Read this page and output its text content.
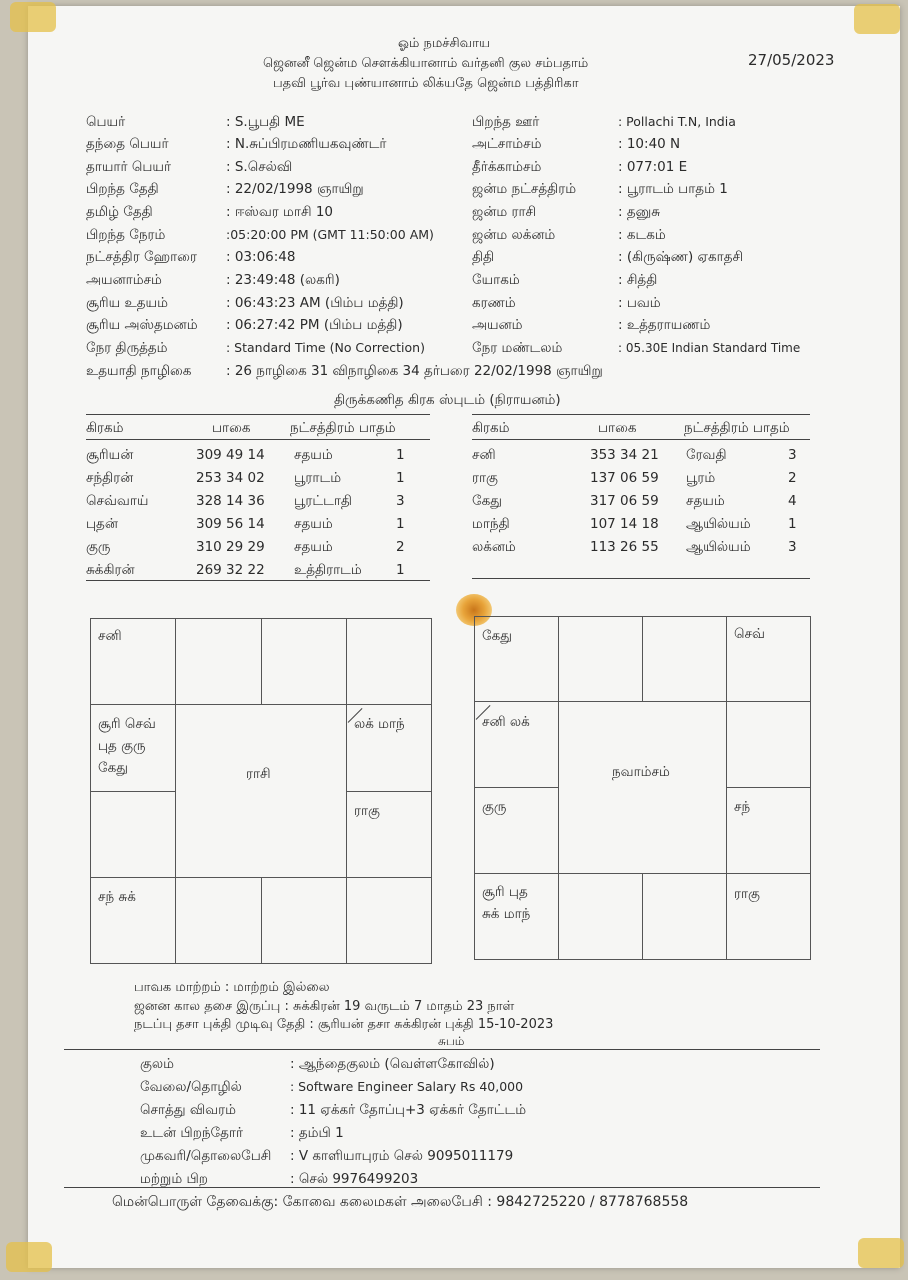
ஓம் நமச்சிவாய
ஜெனனீ ஜென்ம சௌக்கியானாம் வர்தனி குல சம்பதாம்
பதவி பூர்வ புண்யானாம் லிக்யதே ஜென்ம பத்திரிகா
27/05/2023
பெயர்	: S.பூபதி ME
தந்தை பெயர்	: N.சுப்பிரமணியகவுண்டர்
தாயார் பெயர்	: S.செல்வி
பிறந்த தேதி	: 22/02/1998 ஞாயிறு
தமிழ் தேதி	: ஈஸ்வர மாசி 10
பிறந்த நேரம்	:05:20:00 PM (GMT 11:50:00 AM)
நட்சத்திர ஹோரை : 03:06:48
அயனாம்சம்	: 23:49:48 (லகரி)
சூரிய உதயம்	: 06:43:23 AM (பிம்ப மத்தி)
சூரிய அஸ்தமனம் : 06:27:42 PM (பிம்ப மத்தி)
நேர திருத்தம்	: Standard Time (No Correction)
பிறந்த ஊர்	: Pollachi T.N, India
அட்சாம்சம்	: 10:40 N
தீர்க்காம்சம்	: 077:01 E
ஜன்ம நட்சத்திரம்	: பூராடம் பாதம் 1
ஜன்ம ராசி	: தனுசு
ஜன்ம லக்னம்	: கடகம்
திதி	: (கிருஷ்ண) ஏகாதசி
யோகம்	: சித்தி
கரணம்	: பவம்
அயனம்	: உத்தராயணம்
நேர மண்டலம்	: 05.30E Indian Standard Time
உதயாதி நாழிகை	: 26 நாழிகை 31 விநாழிகை 34 தர்பரை 22/02/1998 ஞாயிறு
திருக்கணித கிரக ஸ்புடம் (நிராயனம்)
கிரகம்	பாகை	நட்சத்திரம் பாதம்	கிரகம்	பாகை	நட்சத்திரம் பாதம்
சூரியன்	309 49 14 சதயம்	1
சந்திரன்	253 34 02 பூராடம்	1
செவ்வாய்	328 14 36 பூரட்டாதி	3
புதன்	309 56 14 சதயம்	1
குரு	310 29 29 சதயம்	2
சுக்கிரன்	269 32 22 உத்திராடம்	1
சனி	353 34 21 ரேவதி	3
ராகு	137 06 59 பூரம்	2
கேது	317 06 59 சதயம்	4
மாந்தி	107 14 18 ஆயில்யம்	1
லக்னம்	113 26 55 ஆயில்யம்	3
சனி
சூரி செவ்
புத குரு
கேது
லக் மாந்
ராசி
ராகு
சந் சுக்
கேது	செவ்
சனி லக்
நவாம்சம்
குரு	சந்
சூரி புத
சுக் மாந்
ராகு
பாவக மாற்றம் : மாற்றம் இல்லை
ஜனன கால தசை இருப்பு : சுக்கிரன் 19 வருடம் 7 மாதம் 23 நாள்
நடப்பு தசா புக்தி முடிவு தேதி : சூரியன் தசா சுக்கிரன் புக்தி 15-10-2023
சுபம்
குலம்	: ஆந்தைகுலம் (வெள்ளகோவில்)
வேலை/தொழில்	: Software Engineer Salary Rs 40,000
சொத்து விவரம்	: 11 ஏக்கர் தோப்பு+3 ஏக்கர் தோட்டம்
உடன் பிறந்தோர்	: தம்பி 1
முகவரி/தொலைபேசி : V காளியாபுரம் செல் 9095011179
மற்றும் பிற	: செல் 9976499203
மென்பொருள் தேவைக்கு: கோவை கலைமகள் அலைபேசி : 9842725220 / 8778768558
